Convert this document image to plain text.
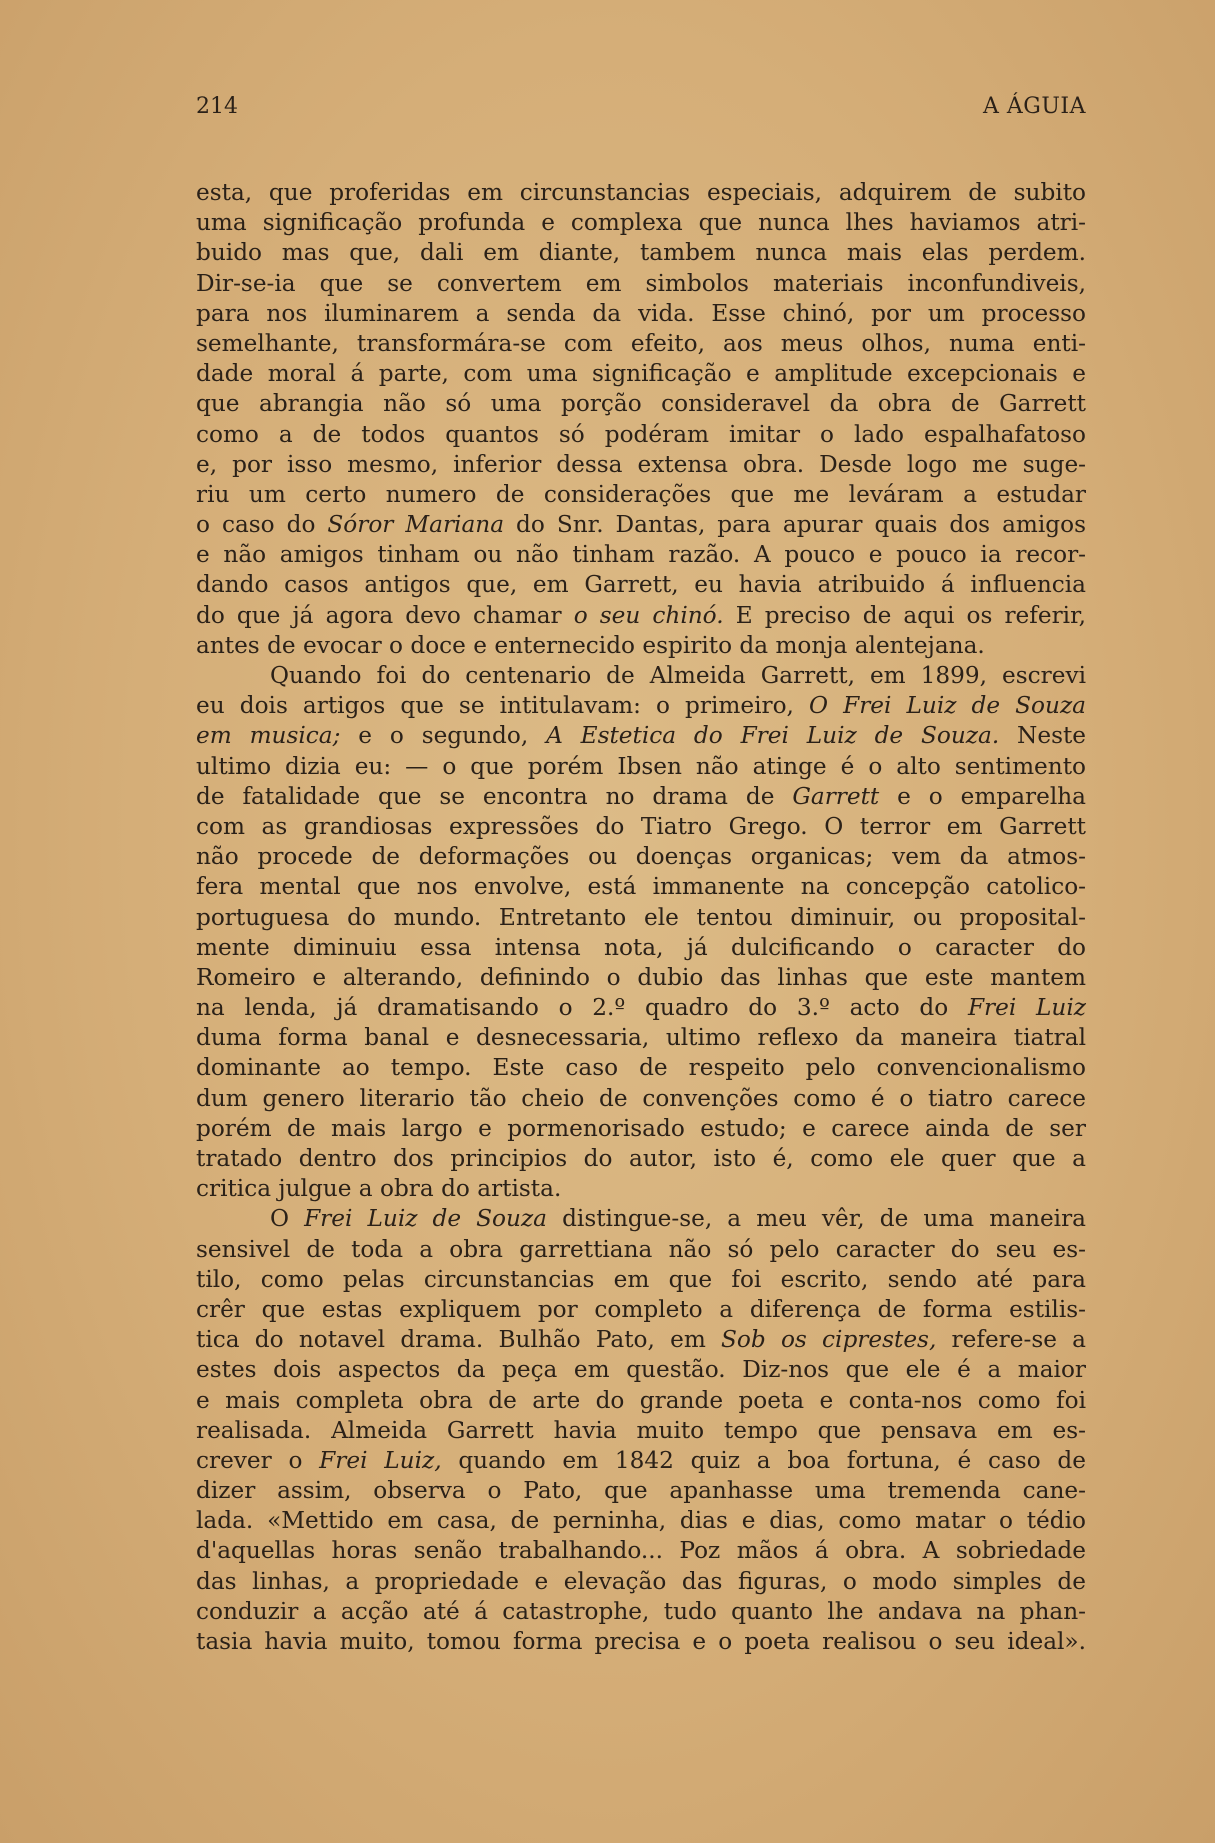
214	A ÁGUIA
esta, que proferidas em circunstancias especiais, adquirem de subito
uma significação profunda e complexa que nunca lhes haviamos atri-
buido mas que, dali em diante, tambem nunca mais elas perdem.
Dir-se-ia que se convertem em simbolos materiais inconfundiveis,
para nos iluminarem a senda da vida. Esse chinó, por um processo
semelhante, transformára-se com efeito, aos meus olhos, numa enti-
dade moral á parte, com uma significação e amplitude excepcionais e
que abrangia não só uma porção consideravel da obra de Garrett
como a de todos quantos só podéram imitar o lado espalhafatoso
e, por isso mesmo, inferior dessa extensa obra. Desde logo me suge-
riu um certo numero de considerações que me leváram a estudar
o caso do Sóror Mariana do Snr. Dantas, para apurar quais dos amigos
e não amigos tinham ou não tinham razão. A pouco e pouco ia recor-
dando casos antigos que, em Garrett, eu havia atribuido á influencia
do que já agora devo chamar o seu chinó. E preciso de aqui os referir,
antes de evocar o doce e enternecido espirito da monja alentejana.
Quando foi do centenario de Almeida Garrett, em 1899, escrevi
eu dois artigos que se intitulavam: o primeiro, O Frei Luiz de Souza
em musica; e o segundo, A Estetica do Frei Luiz de Souza. Neste
ultimo dizia eu: — o que porém Ibsen não atinge é o alto sentimento
de fatalidade que se encontra no drama de Garrett e o emparelha
com as grandiosas expressões do Tiatro Grego. O terror em Garrett
não procede de deformações ou doenças organicas; vem da atmos-
fera mental que nos envolve, está immanente na concepção catolico-
portuguesa do mundo. Entretanto ele tentou diminuir, ou proposital-
mente diminuiu essa intensa nota, já dulcificando o caracter do
Romeiro e alterando, definindo o dubio das linhas que este mantem
na lenda, já dramatisando o 2.º quadro do 3.º acto do Frei Luiz
duma forma banal e desnecessaria, ultimo reflexo da maneira tiatral
dominante ao tempo. Este caso de respeito pelo convencionalismo
dum genero literario tão cheio de convenções como é o tiatro carece
porém de mais largo e pormenorisado estudo; e carece ainda de ser
tratado dentro dos principios do autor, isto é, como ele quer que a
critica julgue a obra do artista.
O Frei Luiz de Souza distingue-se, a meu vêr, de uma maneira
sensivel de toda a obra garrettiana não só pelo caracter do seu es-
tilo, como pelas circunstancias em que foi escrito, sendo até para
crêr que estas expliquem por completo a diferença de forma estilis-
tica do notavel drama. Bulhão Pato, em Sob os ciprestes, refere-se a
estes dois aspectos da peça em questão. Diz-nos que ele é a maior
e mais completa obra de arte do grande poeta e conta-nos como foi
realisada. Almeida Garrett havia muito tempo que pensava em es-
crever o Frei Luiz, quando em 1842 quiz a boa fortuna, é caso de
dizer assim, observa o Pato, que apanhasse uma tremenda cane-
lada. «Mettido em casa, de perninha, dias e dias, como matar o tédio
d'aquellas horas senão trabalhando... Poz mãos á obra. A sobriedade
das linhas, a propriedade e elevação das figuras, o modo simples de
conduzir a acção até á catastrophe, tudo quanto lhe andava na phan-
tasia havia muito, tomou forma precisa e o poeta realisou o seu ideal».
